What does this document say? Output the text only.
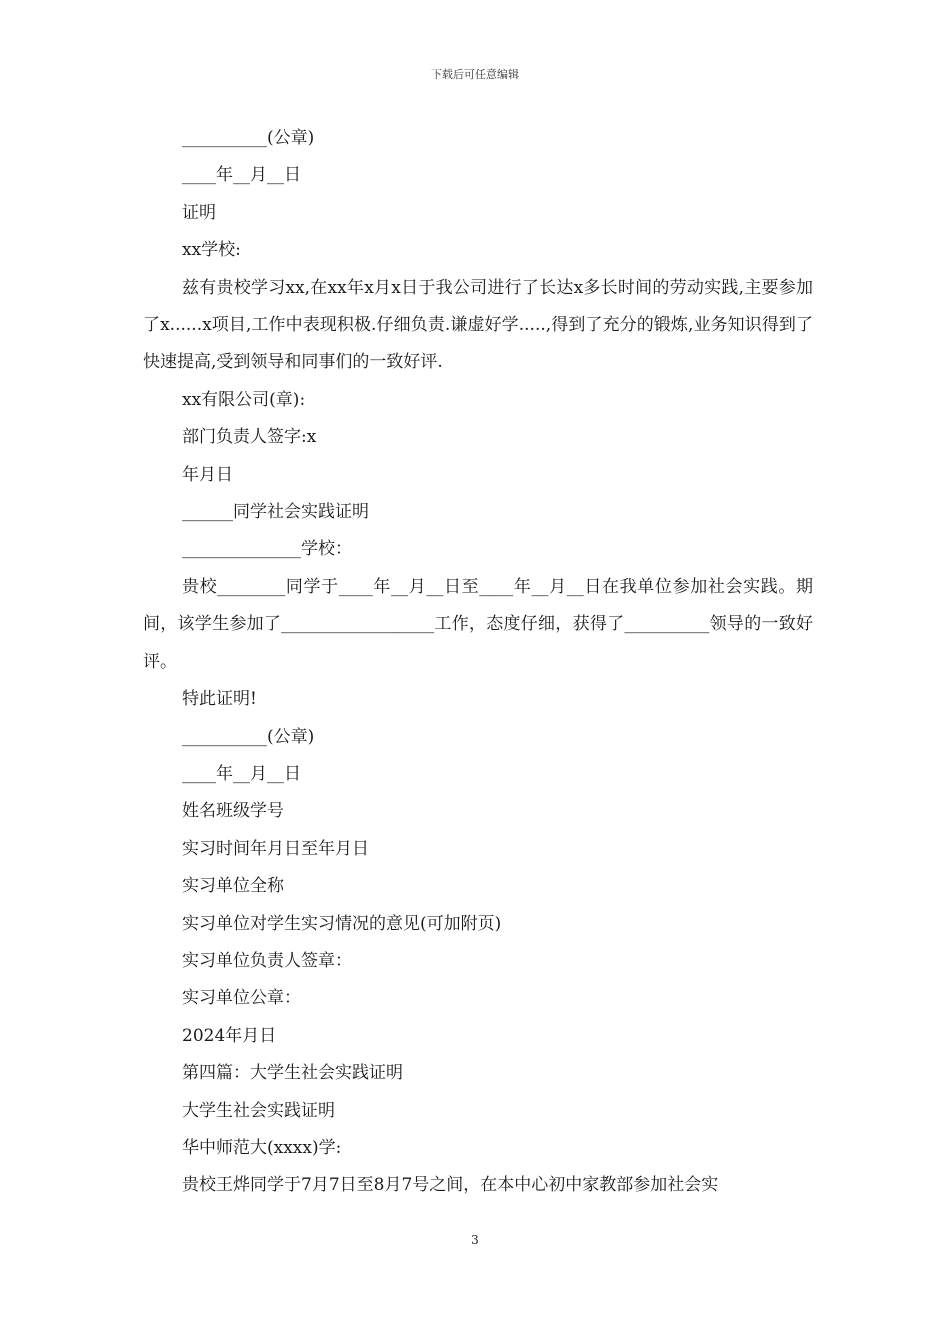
下载后可任意编辑

__________(公章)

____年__月__日

证明

xx学校:

兹有贵校学习xx,在xx年x月x日于我公司进行了长达x多长时间的劳动实践,主要参加了x......x项目,工作中表现积极.仔细负责.谦虚好学.....,得到了充分的锻炼,业务知识得到了快速提高,受到领导和同事们的一致好评.

xx有限公司(章):

部门负责人签字:x

年月日

______同学社会实践证明

______________学校：

贵校________同学于____年__月__日至____年__月__日在我单位参加社会实践。期间，该学生参加了__________________工作，态度仔细，获得了__________领导的一致好评。

特此证明!

__________(公章)

____年__月__日

姓名班级学号

实习时间年月日至年月日

实习单位全称

实习单位对学生实习情况的意见(可加附页)

实习单位负责人签章：

实习单位公章：

2024年月日

第四篇：大学生社会实践证明

大学生社会实践证明

华中师范大(xxxx)学:

贵校王烨同学于7月7日至8月7号之间，在本中心初中家教部参加社会实

3
